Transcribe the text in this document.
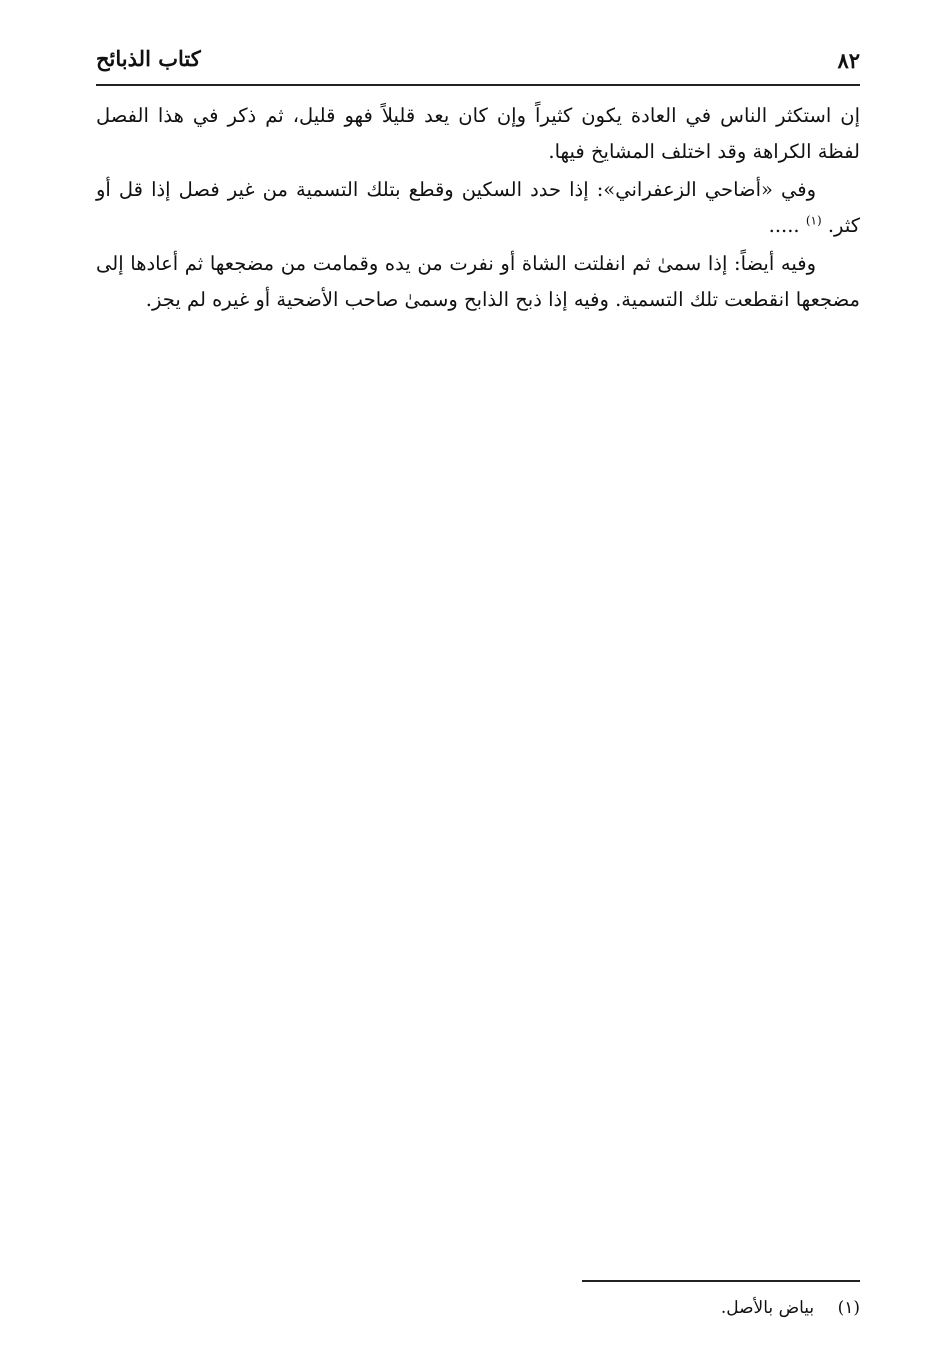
٨٢
كتاب الذبائح

إن استكثر الناس في العادة يكون كثيراً وإن كان يعد قليلاً فهو قليل، ثم ذكر في هذا الفصل لفظة الكراهة وقد اختلف المشايخ فيها.

وفي «أضاحي الزعفراني»: إذا حدد السكين وقطع بتلك التسمية من غير فصل إذا قل أو كثر. $^{(١)}$ .....

وفيه أيضاً: إذا سمىٰ ثم انفلتت الشاة أو نفرت من يده وقمامت من مضجعها ثم أعادها إلى مضجعها انقطعت تلك التسمية. وفيه إذا ذبح الذابح وسمىٰ صاحب الأضحية أو غيره لم يجز.

(١) بياض بالأصل.
